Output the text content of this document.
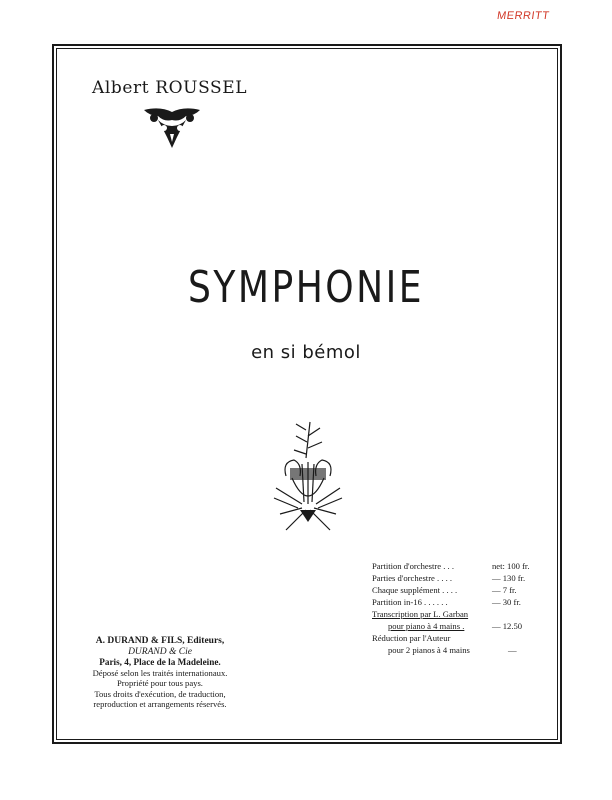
MERRITT
Albert ROUSSEL
SYMPHONIE
en si bémol
Partition d'orchestre . . .	net: 100 fr.
Parties d'orchestre . . . .	— 130 fr.
Chaque supplément . . . .	— 7 fr.
Partition in-16 . . . . . .	— 30 fr.
Transcription par L. Garban
pour piano à 4 mains .	— 12.50
Réduction par l'Auteur
pour 2 pianos à 4 mains	—
A. DURAND & FILS, Editeurs,
DURAND & Cie
Paris, 4, Place de la Madeleine.
Déposé selon les traités internationaux.
Propriété pour tous pays.
Tous droits d'exécution, de traduction,
reproduction et arrangements réservés.
